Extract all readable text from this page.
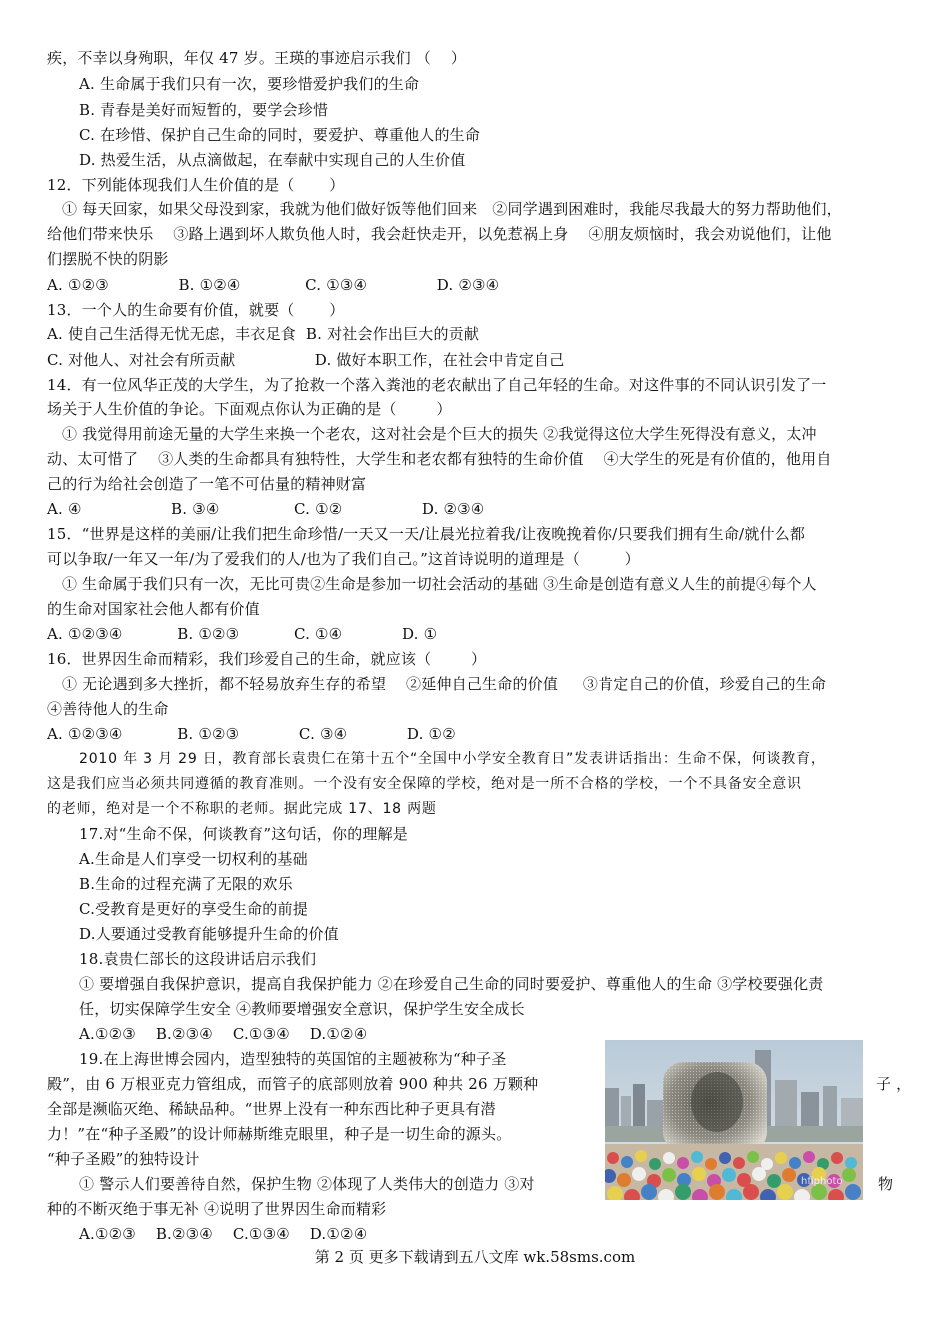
疾，不幸以身殉职，年仅 47 岁。王瑛的事迹启示我们 （    ）
A. 生命属于我们只有一次，要珍惜爱护我们的生命
B. 青春是美好而短暂的，要学会珍惜
C. 在珍惜、保护自己生命的同时，要爱护、尊重他人的生命
D. 热爱生活，从点滴做起，在奉献中实现自己的人生价值
12．下列能体现我们人生价值的是（       ）
① 每天回家，如果父母没到家，我就为他们做好饭等他们回来   ②同学遇到困难时，我能尽我最大的努力帮助他们，
给他们带来快乐    ③路上遇到坏人欺负他人时，我会赶快走开，以免惹祸上身    ④朋友烦恼时，我会劝说他们，让他
们摆脱不快的阴影
A. ①②③              B. ①②④             C. ①③④              D. ②③④
13．一个人的生命要有价值，就要（       ）
A. 使自己生活得无忧无虑，丰衣足食  B. 对社会作出巨大的贡献
C. 对他人、对社会有所贡献                D. 做好本职工作，在社会中肯定自己
14．有一位风华正茂的大学生，为了抢救一个落入粪池的老农献出了自己年轻的生命。对这件事的不同认识引发了一
场关于人生价值的争论。下面观点你认为正确的是（        ）
① 我觉得用前途无量的大学生来换一个老农，这对社会是个巨大的损失 ②我觉得这位大学生死得没有意义，太冲
动、太可惜了    ③人类的生命都具有独特性，大学生和老农都有独特的生命价值    ④大学生的死是有价值的，他用自
己的行为给社会创造了一笔不可估量的精神财富
A. ④                  B. ③④               C. ①②                D. ②③④
15．“世界是这样的美丽/让我们把生命珍惜/一天又一天/让晨光拉着我/让夜晚挽着你/只要我们拥有生命/就什么都
可以争取/一年又一年/为了爱我们的人/也为了我们自己。”这首诗说明的道理是（         ）
① 生命属于我们只有一次，无比可贵②生命是参加一切社会活动的基础 ③生命是创造有意义人生的前提④每个人
的生命对国家社会他人都有价值
A. ①②③④           B. ①②③           C. ①④            D. ①
16．世界因生命而精彩，我们珍爱自己的生命，就应该（        ）
① 无论遇到多大挫折，都不轻易放弃生存的希望    ②延伸自己生命的价值     ③肯定自己的价值，珍爱自己的生命
④善待他人的生命
A. ①②③④           B. ①②③            C. ③④            D. ①②
2010 年 3 月 29 日，教育部长袁贵仁在第十五个“全国中小学安全教育日”发表讲话指出：生命不保，何谈教育，
这是我们应当必须共同遵循的教育准则。一个没有安全保障的学校，绝对是一所不合格的学校，一个不具备安全意识
的老师，绝对是一个不称职的老师。据此完成 17、18 两题
17.对“生命不保，何谈教育”这句话，你的理解是
A.生命是人们享受一切权利的基础
B.生命的过程充满了无限的欢乐
C.受教育是更好的享受生命的前提
D.人要通过受教育能够提升生命的价值
18.袁贵仁部长的这段讲话启示我们
① 要增强自我保护意识，提高自我保护能力 ②在珍爱自己生命的同时要爱护、尊重他人的生命 ③学校要强化责
任，切实保障学生安全 ④教师要增强安全意识，保护学生安全成长
A.①②③    B.②③④    C.①③④    D.①②④
19.在上海世博会园内，造型独特的英国馆的主题被称为“种子圣
殿”，由 6 万根亚克力管组成，而管子的底部则放着 900 种共 26 万颗种	子 ，
全部是濒临灭绝、稀缺品种。“世界上没有一种东西比种子更具有潜
力！”在“种子圣殿”的设计师赫斯维克眼里，种子是一切生命的源头。
“种子圣殿”的独特设计
① 警示人们要善待自然，保护生物 ②体现了人类伟大的创造力 ③对	物
种的不断灭绝于事无补 ④说明了世界因生命而精彩
A.①②③    B.②③④    C.①③④    D.①②④
hfiphoto
第 2 页 更多下载请到五八文库 wk.58sms.com
